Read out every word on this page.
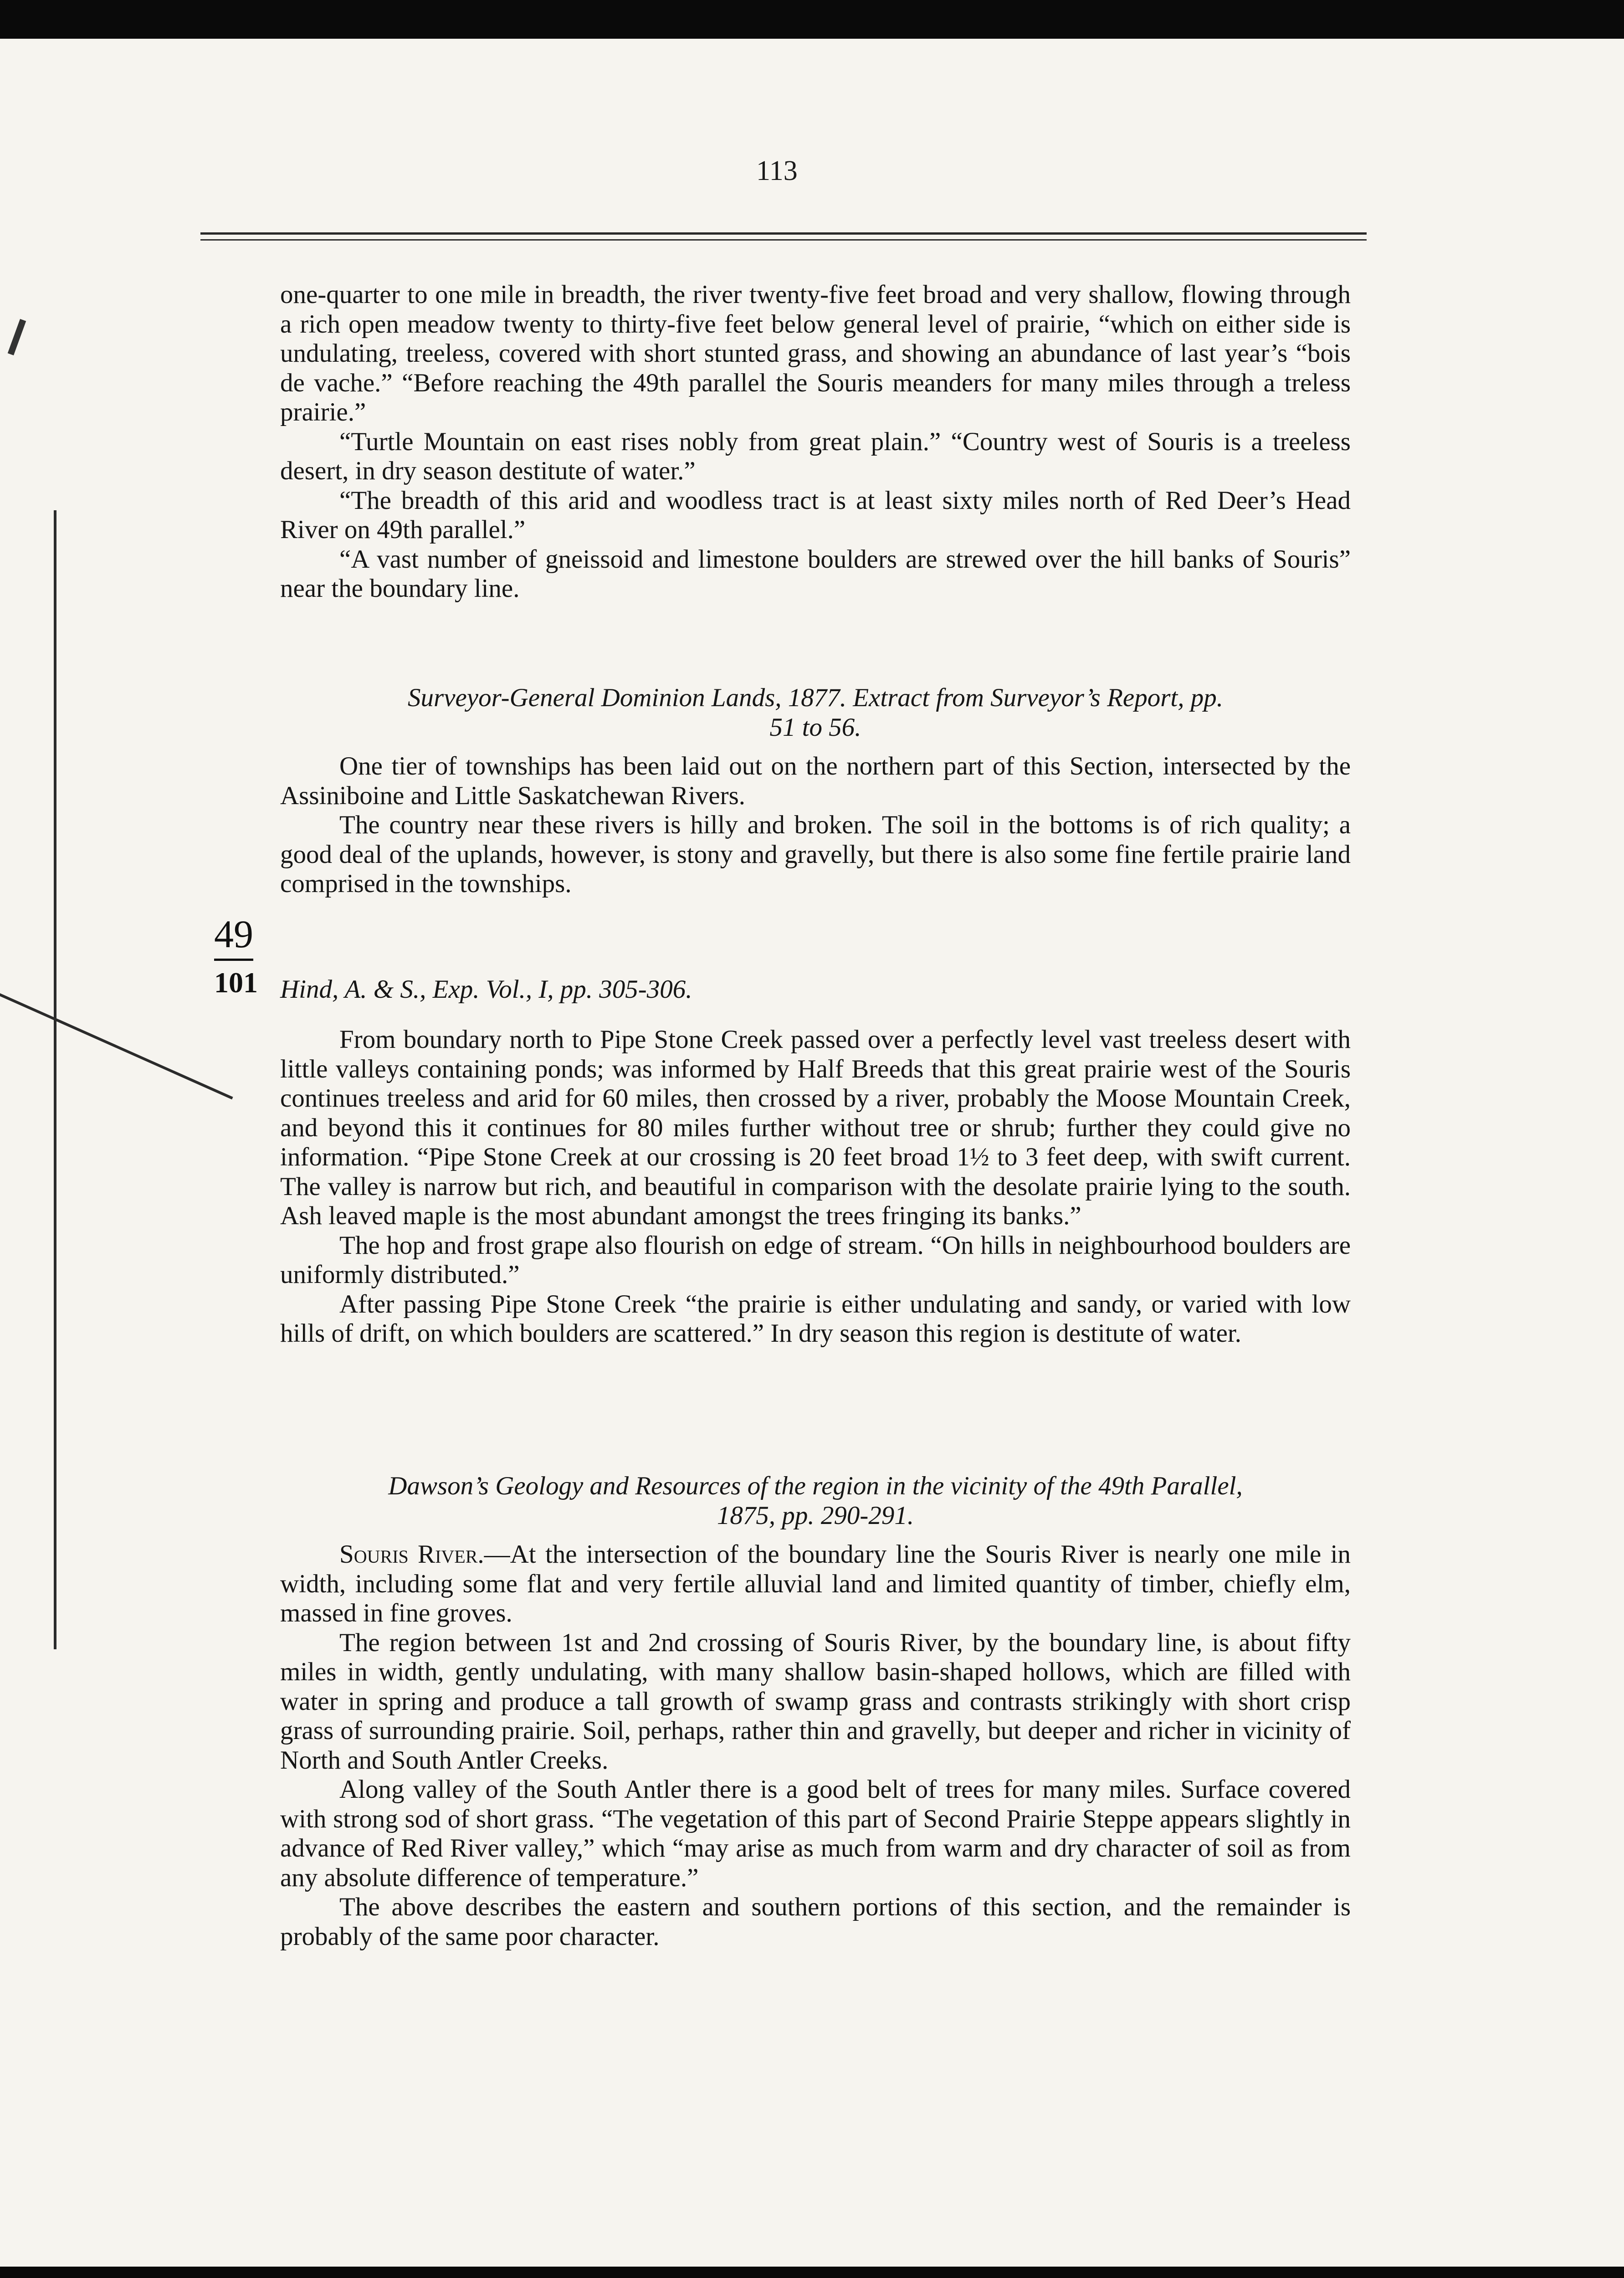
113

one-quarter to one mile in breadth, the river twenty-five feet broad and very shallow, flowing through a rich open meadow twenty to thirty-five feet below general level of prairie, “which on either side is undulating, treeless, covered with short stunted grass, and showing an abundance of last year’s “bois de vache.” “Before reaching the 49th parallel the Souris meanders for many miles through a treless prairie.”

“Turtle Mountain on east rises nobly from great plain.” “Country west of Souris is a treeless desert, in dry season destitute of water.”

“The breadth of this arid and woodless tract is at least sixty miles north of Red Deer’s Head River on 49th parallel.”

“A vast number of gneissoid and limestone boulders are strewed over the hill banks of Souris” near the boundary line.

Surveyor-General Dominion Lands, 1877. Extract from Surveyor’s Report, pp.

51 to 56.

One tier of townships has been laid out on the northern part of this Section, intersected by the Assiniboine and Little Saskatchewan Rivers.

The country near these rivers is hilly and broken. The soil in the bottoms is of rich quality; a good deal of the uplands, however, is stony and gravelly, but there is also some fine fertile prairie land comprised in the townships.

49
101 Hind, A. & S., Exp. Vol., I, pp. 305-306.

From boundary north to Pipe Stone Creek passed over a perfectly level vast treeless desert with little valleys containing ponds; was informed by Half Breeds that this great prairie west of the Souris continues treeless and arid for 60 miles, then crossed by a river, probably the Moose Mountain Creek, and beyond this it continues for 80 miles further without tree or shrub; further they could give no information. “Pipe Stone Creek at our crossing is 20 feet broad 1½ to 3 feet deep, with swift current. The valley is narrow but rich, and beautiful in comparison with the desolate prairie lying to the south. Ash leaved maple is the most abundant amongst the trees fringing its banks.”

The hop and frost grape also flourish on edge of stream. “On hills in neighbourhood boulders are uniformly distributed.”

After passing Pipe Stone Creek “the prairie is either undulating and sandy, or varied with low hills of drift, on which boulders are scattered.” In dry season this region is destitute of water.

Dawson’s Geology and Resources of the region in the vicinity of the 49th Parallel,

1875, pp. 290-291.

Souris River.—At the intersection of the boundary line the Souris River is nearly one mile in width, including some flat and very fertile alluvial land and limited quantity of timber, chiefly elm, massed in fine groves.

The region between 1st and 2nd crossing of Souris River, by the boundary line, is about fifty miles in width, gently undulating, with many shallow basin-shaped hollows, which are filled with water in spring and produce a tall growth of swamp grass and contrasts strikingly with short crisp grass of surrounding prairie. Soil, perhaps, rather thin and gravelly, but deeper and richer in vicinity of North and South Antler Creeks.

Along valley of the South Antler there is a good belt of trees for many miles. Surface covered with strong sod of short grass. “The vegetation of this part of Second Prairie Steppe appears slightly in advance of Red River valley,” which “may arise as much from warm and dry character of soil as from any absolute difference of temperature.”

The above describes the eastern and southern portions of this section, and the remainder is probably of the same poor character.
